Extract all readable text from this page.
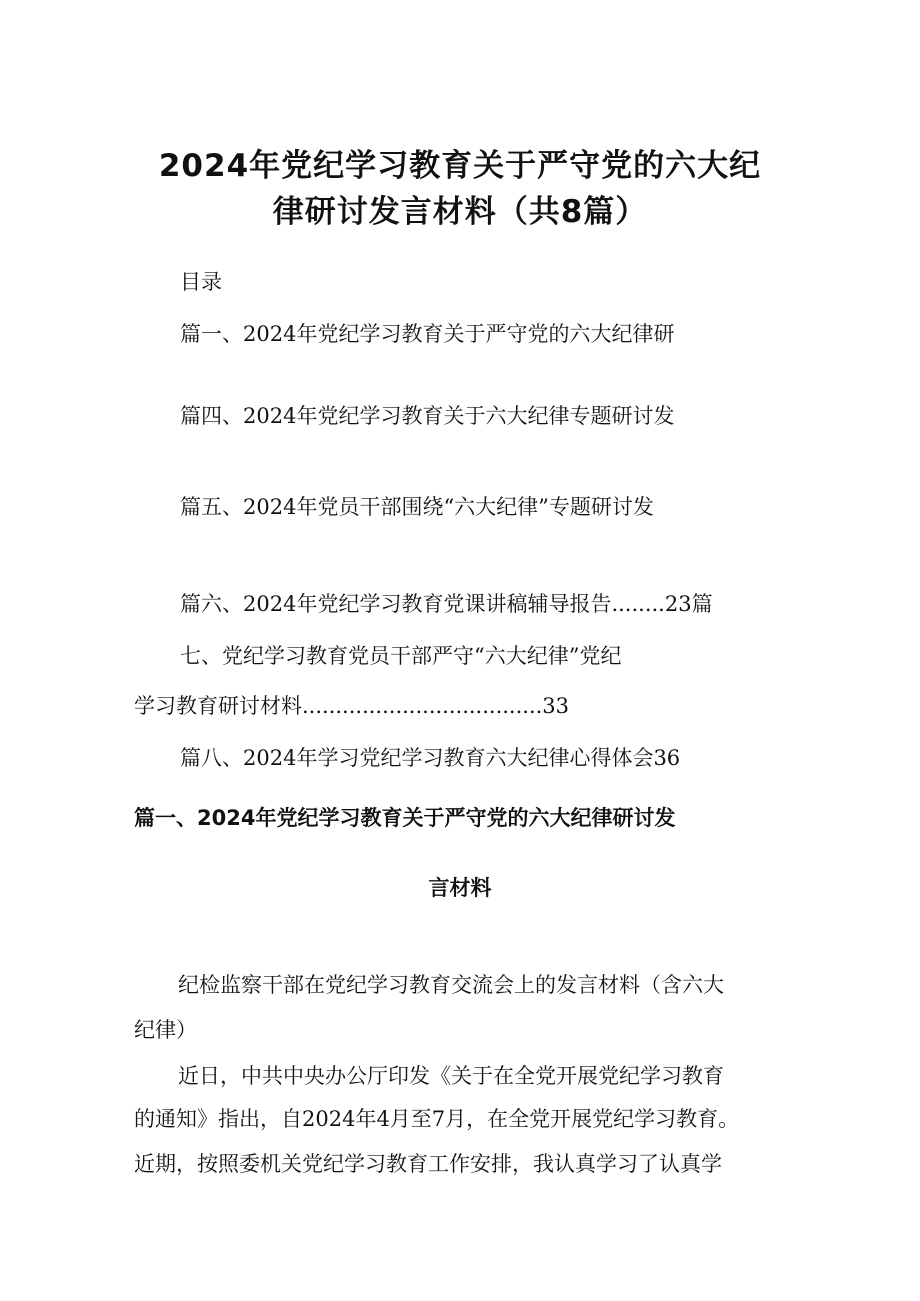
2024年党纪学习教育关于严守党的六大纪
律研讨发言材料（共8篇）
目录
篇一、2024年党纪学习教育关于严守党的六大纪律研
篇四、2024年党纪学习教育关于六大纪律专题研讨发
篇五、2024年党员干部围绕“六大纪律”专题研讨发
篇六、2024年党纪学习教育党课讲稿辅导报告........23篇
七、党纪学习教育党员干部严守“六大纪律”党纪
学习教育研讨材料....................................33
篇八、2024年学习党纪学习教育六大纪律心得体会36
篇一、2024年党纪学习教育关于严守党的六大纪律研讨发
言材料
纪检监察干部在党纪学习教育交流会上的发言材料（含六大
纪律）
近日，中共中央办公厅印发《关于在全党开展党纪学习教育
的通知》指出，自2024年4月至7月，在全党开展党纪学习教育。
近期，按照委机关党纪学习教育工作安排，我认真学习了认真学
